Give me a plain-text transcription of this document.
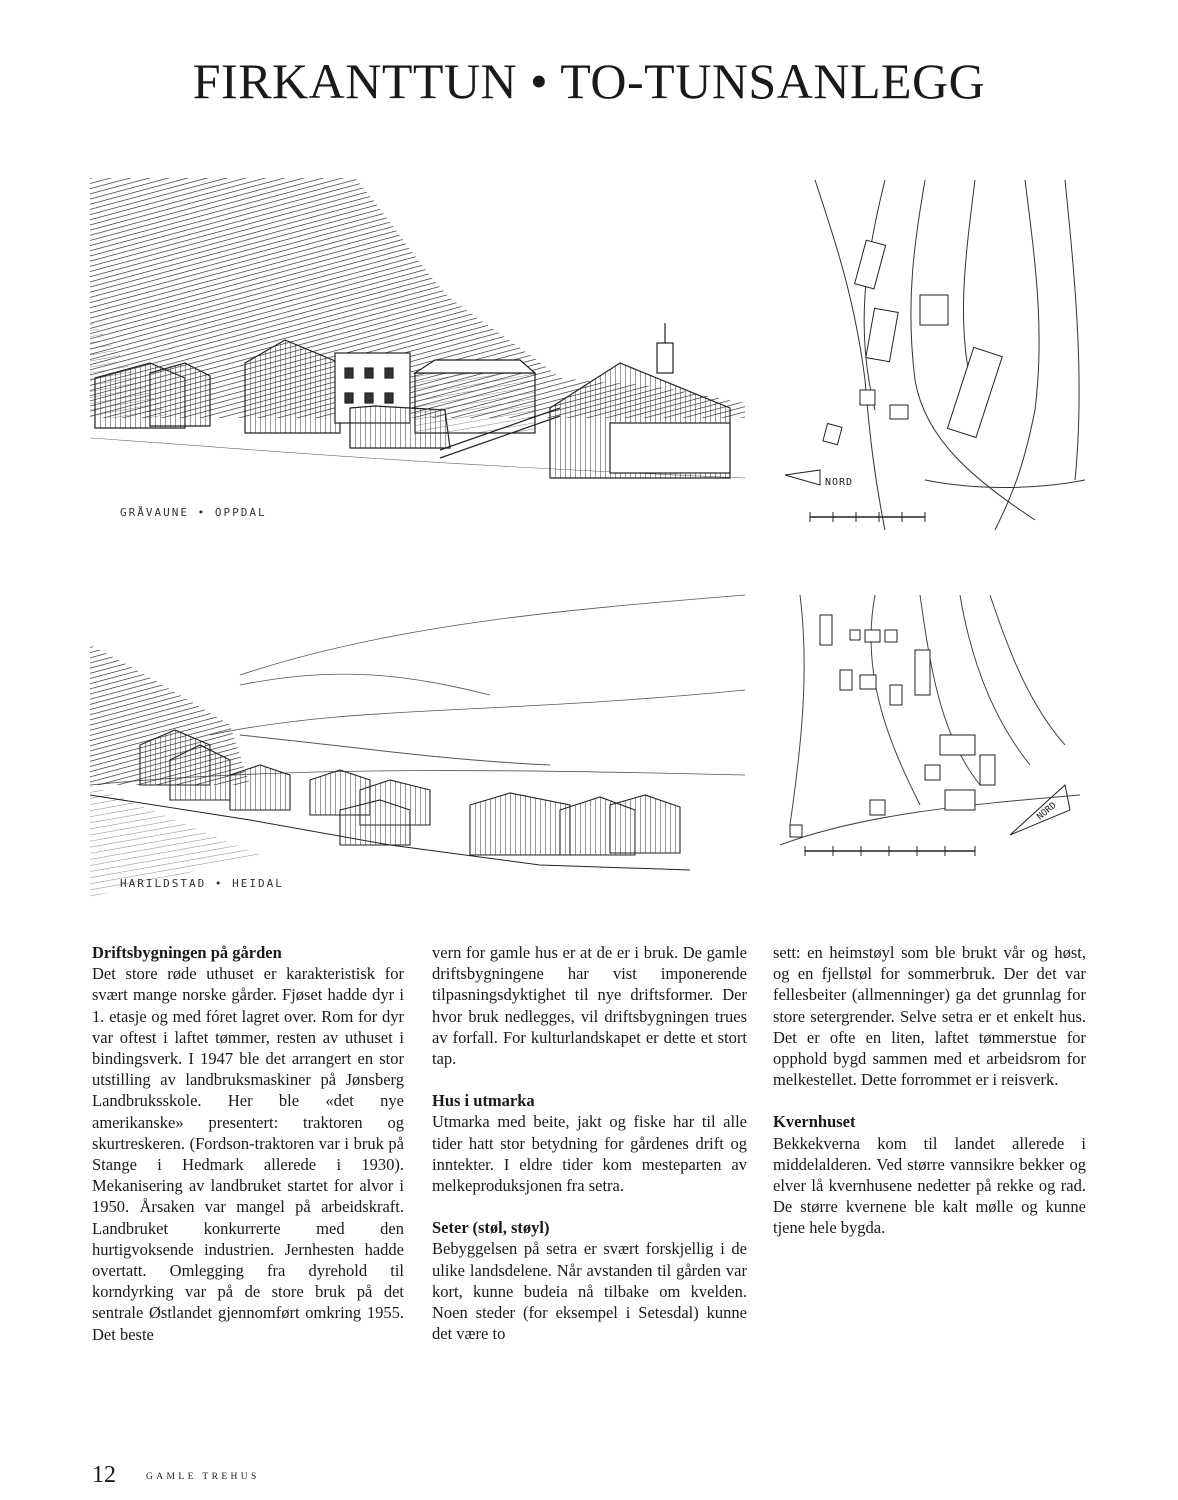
FIRKANTTUN • TO-TUNSANLEGG
GRÅVAUNE • OPPDAL
NORD
HARILDSTAD • HEIDAL
NORD
Driftsbygningen på gården

Det store røde uthuset er karakteristisk for svært mange norske gårder. Fjøset hadde dyr i 1. etasje og med fóret lagret over. Rom for dyr var oftest i laftet tømmer, resten av uthuset i bindingsverk. I 1947 ble det arrangert en stor utstilling av landbruksmaskiner på Jønsberg Landbruksskole. Her ble «det nye amerikanske» presentert: traktoren og skurtreskeren. (Fordson-traktoren var i bruk på Stange i Hedmark allerede i 1930). Mekanisering av landbruket startet for alvor i 1950. Årsaken var mangel på arbeidskraft. Landbruket konkurrerte med den hurtigvoksende industrien. Jernhesten hadde overtatt. Omlegging fra dyrehold til korndyrking var på de store bruk på det sentrale Østlandet gjennomført omkring 1955. Det beste

vern for gamle hus er at de er i bruk. De gamle driftsbygningene har vist imponerende tilpasningsdyktighet til nye driftsformer. Der hvor bruk nedlegges, vil driftsbygningen trues av forfall. For kulturlandskapet er dette et stort tap.

Hus i utmarka

Utmarka med beite, jakt og fiske har til alle tider hatt stor betydning for gårdenes drift og inntekter. I eldre tider kom mesteparten av melkeproduksjonen fra setra.

Seter (støl, støyl)

Bebyggelsen på setra er svært forskjellig i de ulike landsdelene. Når avstanden til gården var kort, kunne budeia nå tilbake om kvelden. Noen steder (for eksempel i Setesdal) kunne det være to

sett: en heimstøyl som ble brukt vår og høst, og en fjellstøl for sommerbruk. Der det var fellesbeiter (allmenninger) ga det grunnlag for store setergrender. Selve setra er et enkelt hus. Det er ofte en liten, laftet tømmerstue for opphold bygd sammen med et arbeidsrom for melkestellet. Dette forrommet er i reisverk.

Kvernhuset

Bekkekverna kom til landet allerede i middelalderen. Ved større vannsikre bekker og elver lå kvernhusene nedetter på rekke og rad. De større kvernene ble kalt mølle og kunne tjene hele bygda.

12	GAMLE TREHUS
